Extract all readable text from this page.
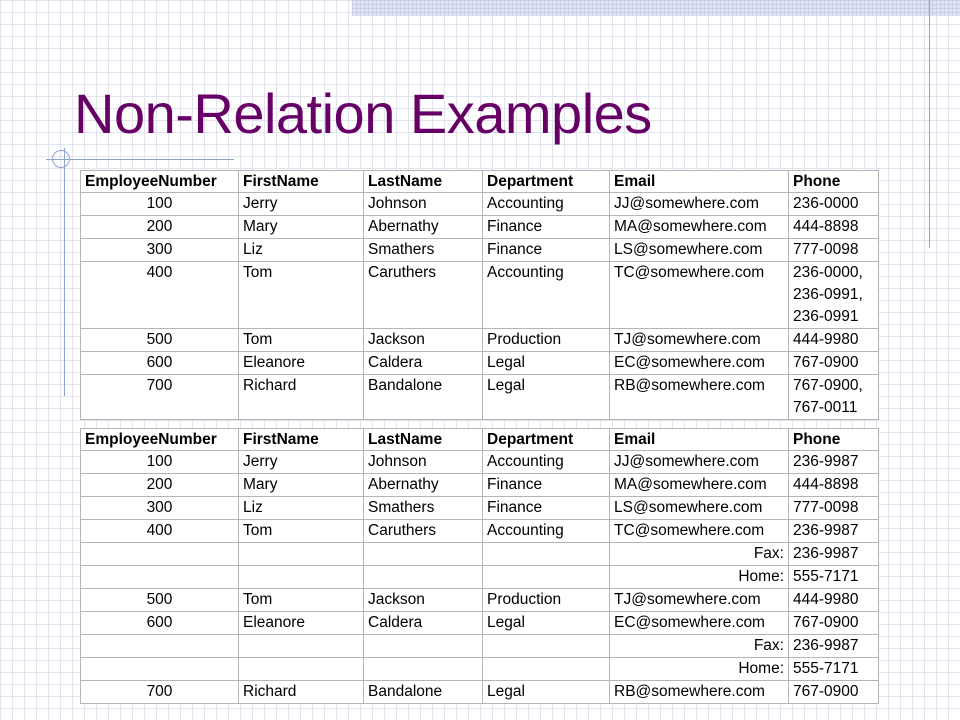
Non-Relation Examples
EmployeeNumber	FirstName	LastName	Department	Email	Phone
100	Jerry	Johnson	Accounting	JJ@somewhere.com	236-0000
200	Mary	Abernathy	Finance	MA@somewhere.com	444-8898
300	Liz	Smathers	Finance	LS@somewhere.com	777-0098
400	Tom	Caruthers	Accounting	TC@somewhere.com	236-0000,
236-0991,
236-0991
500	Tom	Jackson	Production	TJ@somewhere.com	444-9980
600	Eleanore	Caldera	Legal	EC@somewhere.com	767-0900
700	Richard	Bandalone	Legal	RB@somewhere.com	767-0900,
767-0011
EmployeeNumber	FirstName	LastName	Department	Email	Phone
100	Jerry	Johnson	Accounting	JJ@somewhere.com	236-9987
200	Mary	Abernathy	Finance	MA@somewhere.com	444-8898
300	Liz	Smathers	Finance	LS@somewhere.com	777-0098
400	Tom	Caruthers	Accounting	TC@somewhere.com	236-9987
				Fax:	236-9987
				Home:	555-7171
500	Tom	Jackson	Production	TJ@somewhere.com	444-9980
600	Eleanore	Caldera	Legal	EC@somewhere.com	767-0900
				Fax:	236-9987
				Home:	555-7171
700	Richard	Bandalone	Legal	RB@somewhere.com	767-0900
